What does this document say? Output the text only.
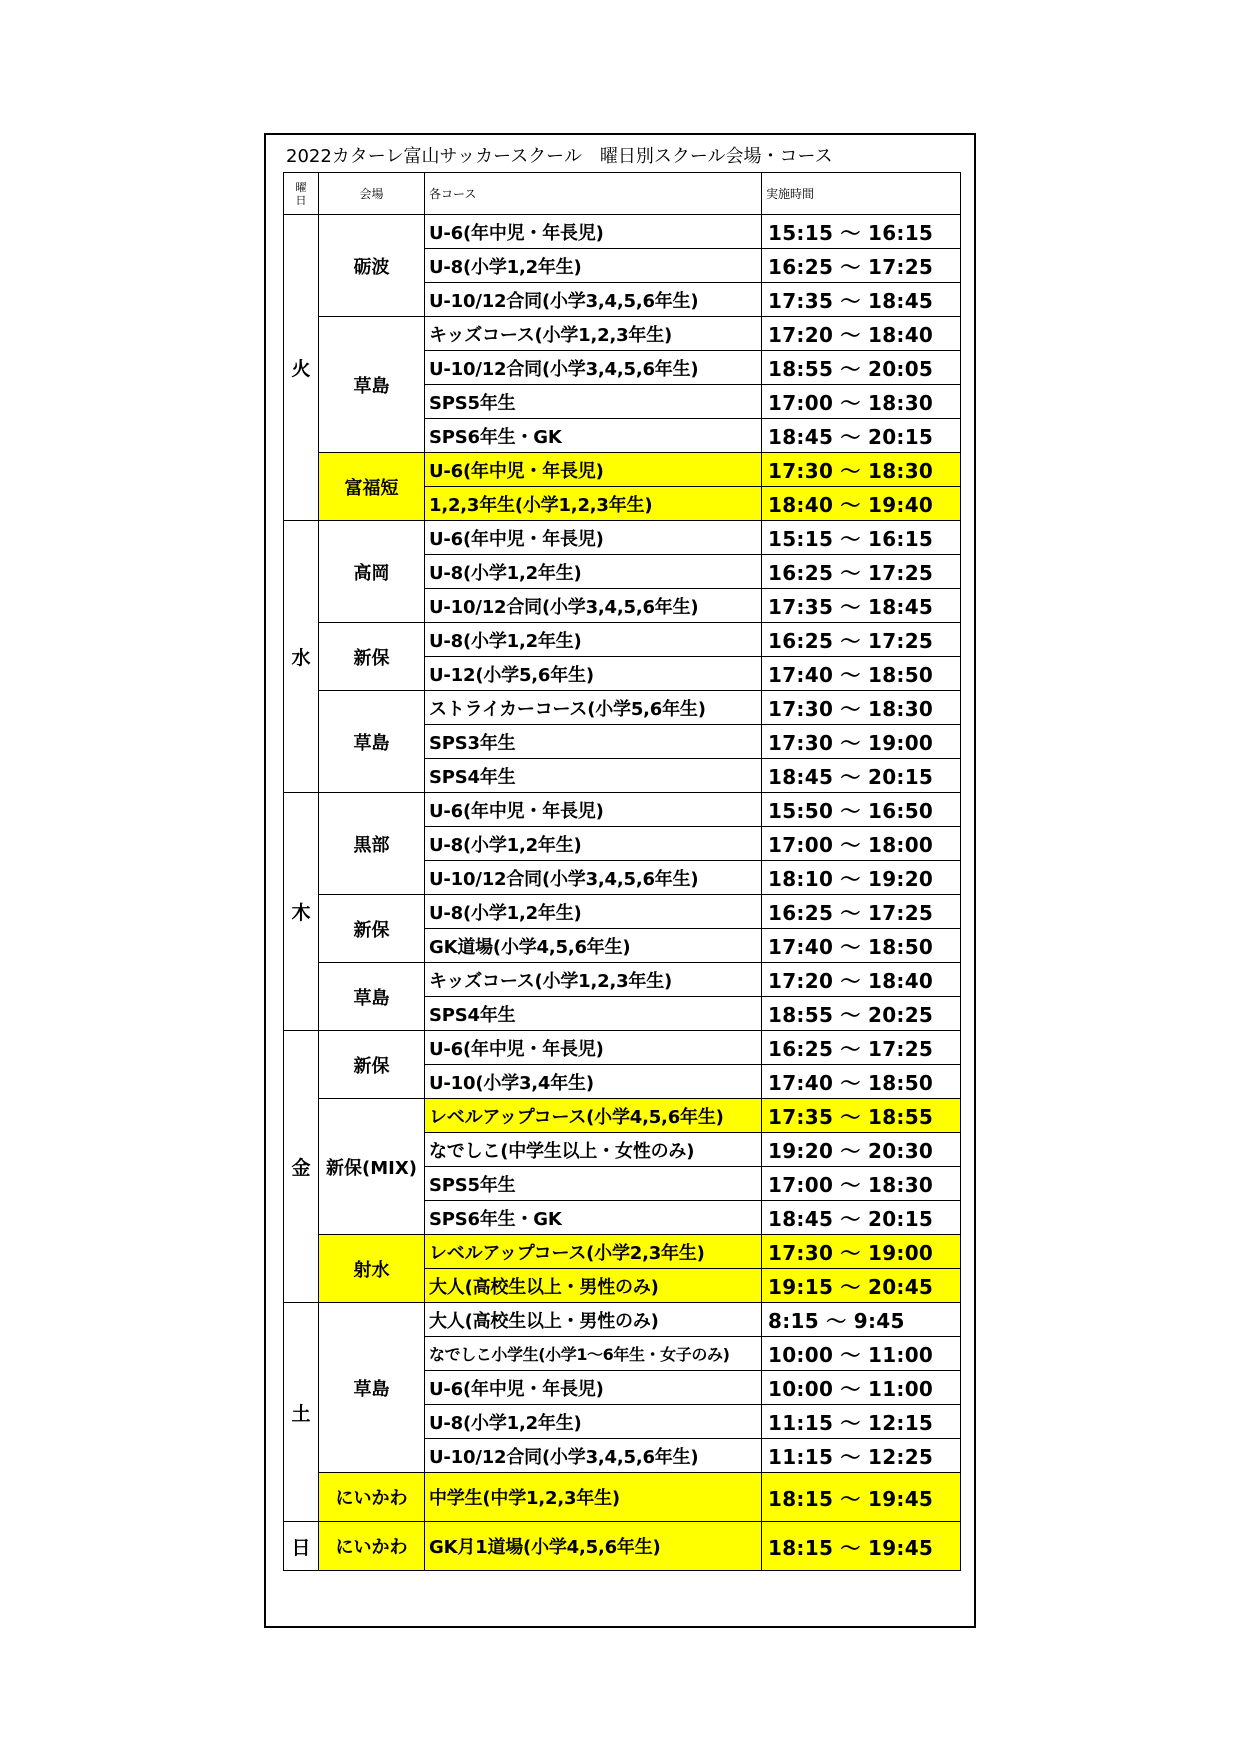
2022カターレ富山サッカースクール　曜日別スクール会場・コース
曜
日	会場	各コース	実施時間
火	砺波	U-6(年中児・年長児)	15:15 ～ 16:15
		U-8(小学1,2年生)	16:25 ～ 17:25
		U-10/12合同(小学3,4,5,6年生)	17:35 ～ 18:45
	草島	キッズコース(小学1,2,3年生)	17:20 ～ 18:40
		U-10/12合同(小学3,4,5,6年生)	18:55 ～ 20:05
		SPS5年生	17:00 ～ 18:30
		SPS6年生・GK	18:45 ～ 20:15
	富福短	U-6(年中児・年長児)	17:30 ～ 18:30
		1,2,3年生(小学1,2,3年生)	18:40 ～ 19:40
水	高岡	U-6(年中児・年長児)	15:15 ～ 16:15
		U-8(小学1,2年生)	16:25 ～ 17:25
		U-10/12合同(小学3,4,5,6年生)	17:35 ～ 18:45
	新保	U-8(小学1,2年生)	16:25 ～ 17:25
		U-12(小学5,6年生)	17:40 ～ 18:50
	草島	ストライカーコース(小学5,6年生)	17:30 ～ 18:30
		SPS3年生	17:30 ～ 19:00
		SPS4年生	18:45 ～ 20:15
木	黒部	U-6(年中児・年長児)	15:50 ～ 16:50
		U-8(小学1,2年生)	17:00 ～ 18:00
		U-10/12合同(小学3,4,5,6年生)	18:10 ～ 19:20
	新保	U-8(小学1,2年生)	16:25 ～ 17:25
		GK道場(小学4,5,6年生)	17:40 ～ 18:50
	草島	キッズコース(小学1,2,3年生)	17:20 ～ 18:40
		SPS4年生	18:55 ～ 20:25
金	新保	U-6(年中児・年長児)	16:25 ～ 17:25
		U-10(小学3,4年生)	17:40 ～ 18:50
	新保(MIX)	レベルアップコース(小学4,5,6年生)	17:35 ～ 18:55
		なでしこ(中学生以上・女性のみ)	19:20 ～ 20:30
		SPS5年生	17:00 ～ 18:30
		SPS6年生・GK	18:45 ～ 20:15
	射水	レベルアップコース(小学2,3年生)	17:30 ～ 19:00
		大人(高校生以上・男性のみ)	19:15 ～ 20:45
土	草島	大人(高校生以上・男性のみ)	8:15 ～ 9:45
		なでしこ小学生(小学1～6年生・女子のみ)	10:00 ～ 11:00
		U-6(年中児・年長児)	10:00 ～ 11:00
		U-8(小学1,2年生)	11:15 ～ 12:15
		U-10/12合同(小学3,4,5,6年生)	11:15 ～ 12:25
	にいかわ	中学生(中学1,2,3年生)	18:15 ～ 19:45
日	にいかわ	GK月1道場(小学4,5,6年生)	18:15 ～ 19:45
